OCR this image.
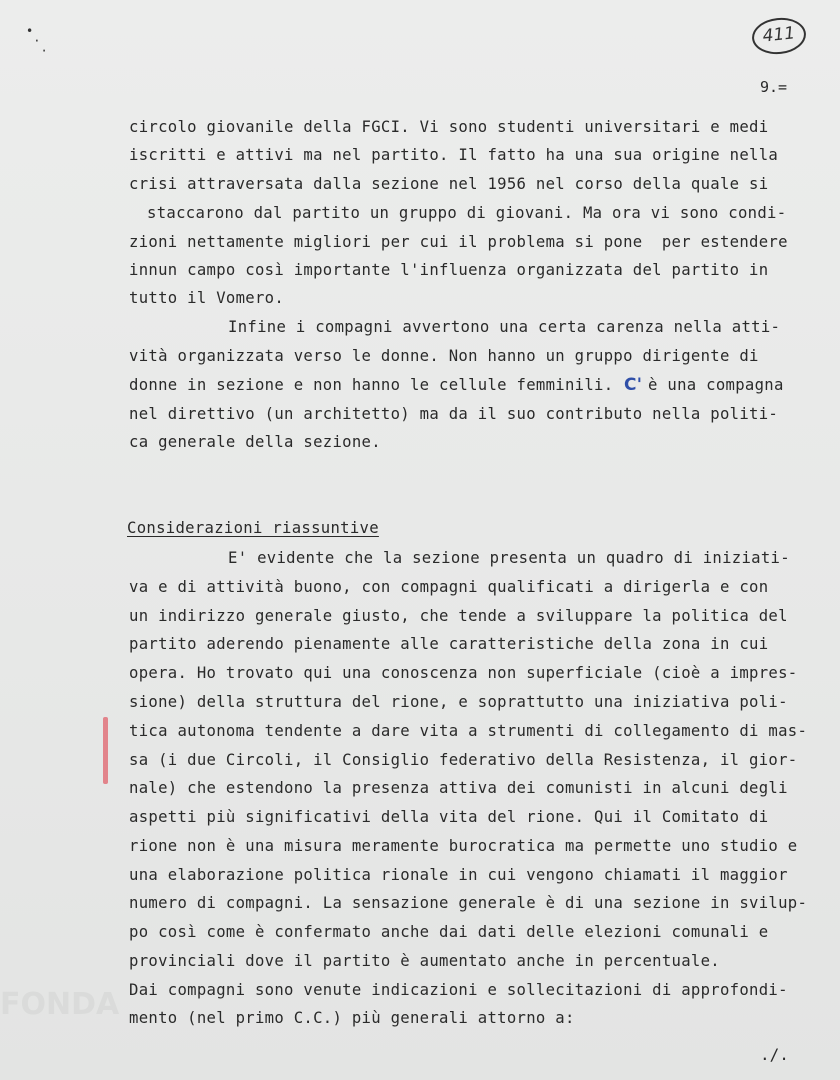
•
·
·
411
9.=
circolo giovanile della FGCI. Vi sono studenti universitari e medi
iscritti e attivi ma nel partito. Il fatto ha una sua origine nella
crisi attraversata dalla sezione nel 1956 nel corso della quale si
staccarono dal partito un gruppo di giovani. Ma ora vi sono condi-
zioni nettamente migliori per cui il problema si pone  per estendere
innun campo così importante l'influenza organizzata del partito in
tutto il Vomero.
Infine i compagni avvertono una certa carenza nella atti-
vità organizzata verso le donne. Non hanno un gruppo dirigente di
donne in sezione e non hanno le cellule femminili. C' è una compagna
nel direttivo (un architetto) ma da il suo contributo nella politi-
ca generale della sezione.
Considerazioni riassuntive
E' evidente che la sezione presenta un quadro di iniziati-
va e di attività buono, con compagni qualificati a dirigerla e con
un indirizzo generale giusto, che tende a sviluppare la politica del
partito aderendo pienamente alle caratteristiche della zona in cui
opera. Ho trovato qui una conoscenza non superficiale (cioè a impres-
sione) della struttura del rione, e soprattutto una iniziativa poli-
tica autonoma tendente a dare vita a strumenti di collegamento di mas-
sa (i due Circoli, il Consiglio federativo della Resistenza, il gior-
nale) che estendono la presenza attiva dei comunisti in alcuni degli
aspetti più significativi della vita del rione. Qui il Comitato di
rione non è una misura meramente burocratica ma permette uno studio e
una elaborazione politica rionale in cui vengono chiamati il maggior
numero di compagni. La sensazione generale è di una sezione in svilup-
po così come è confermato anche dai dati delle elezioni comunali e
provinciali dove il partito è aumentato anche in percentuale.
Dai compagni sono venute indicazioni e sollecitazioni di approfondi-
mento (nel primo C.C.) più generali attorno a:
FONDA
./.
